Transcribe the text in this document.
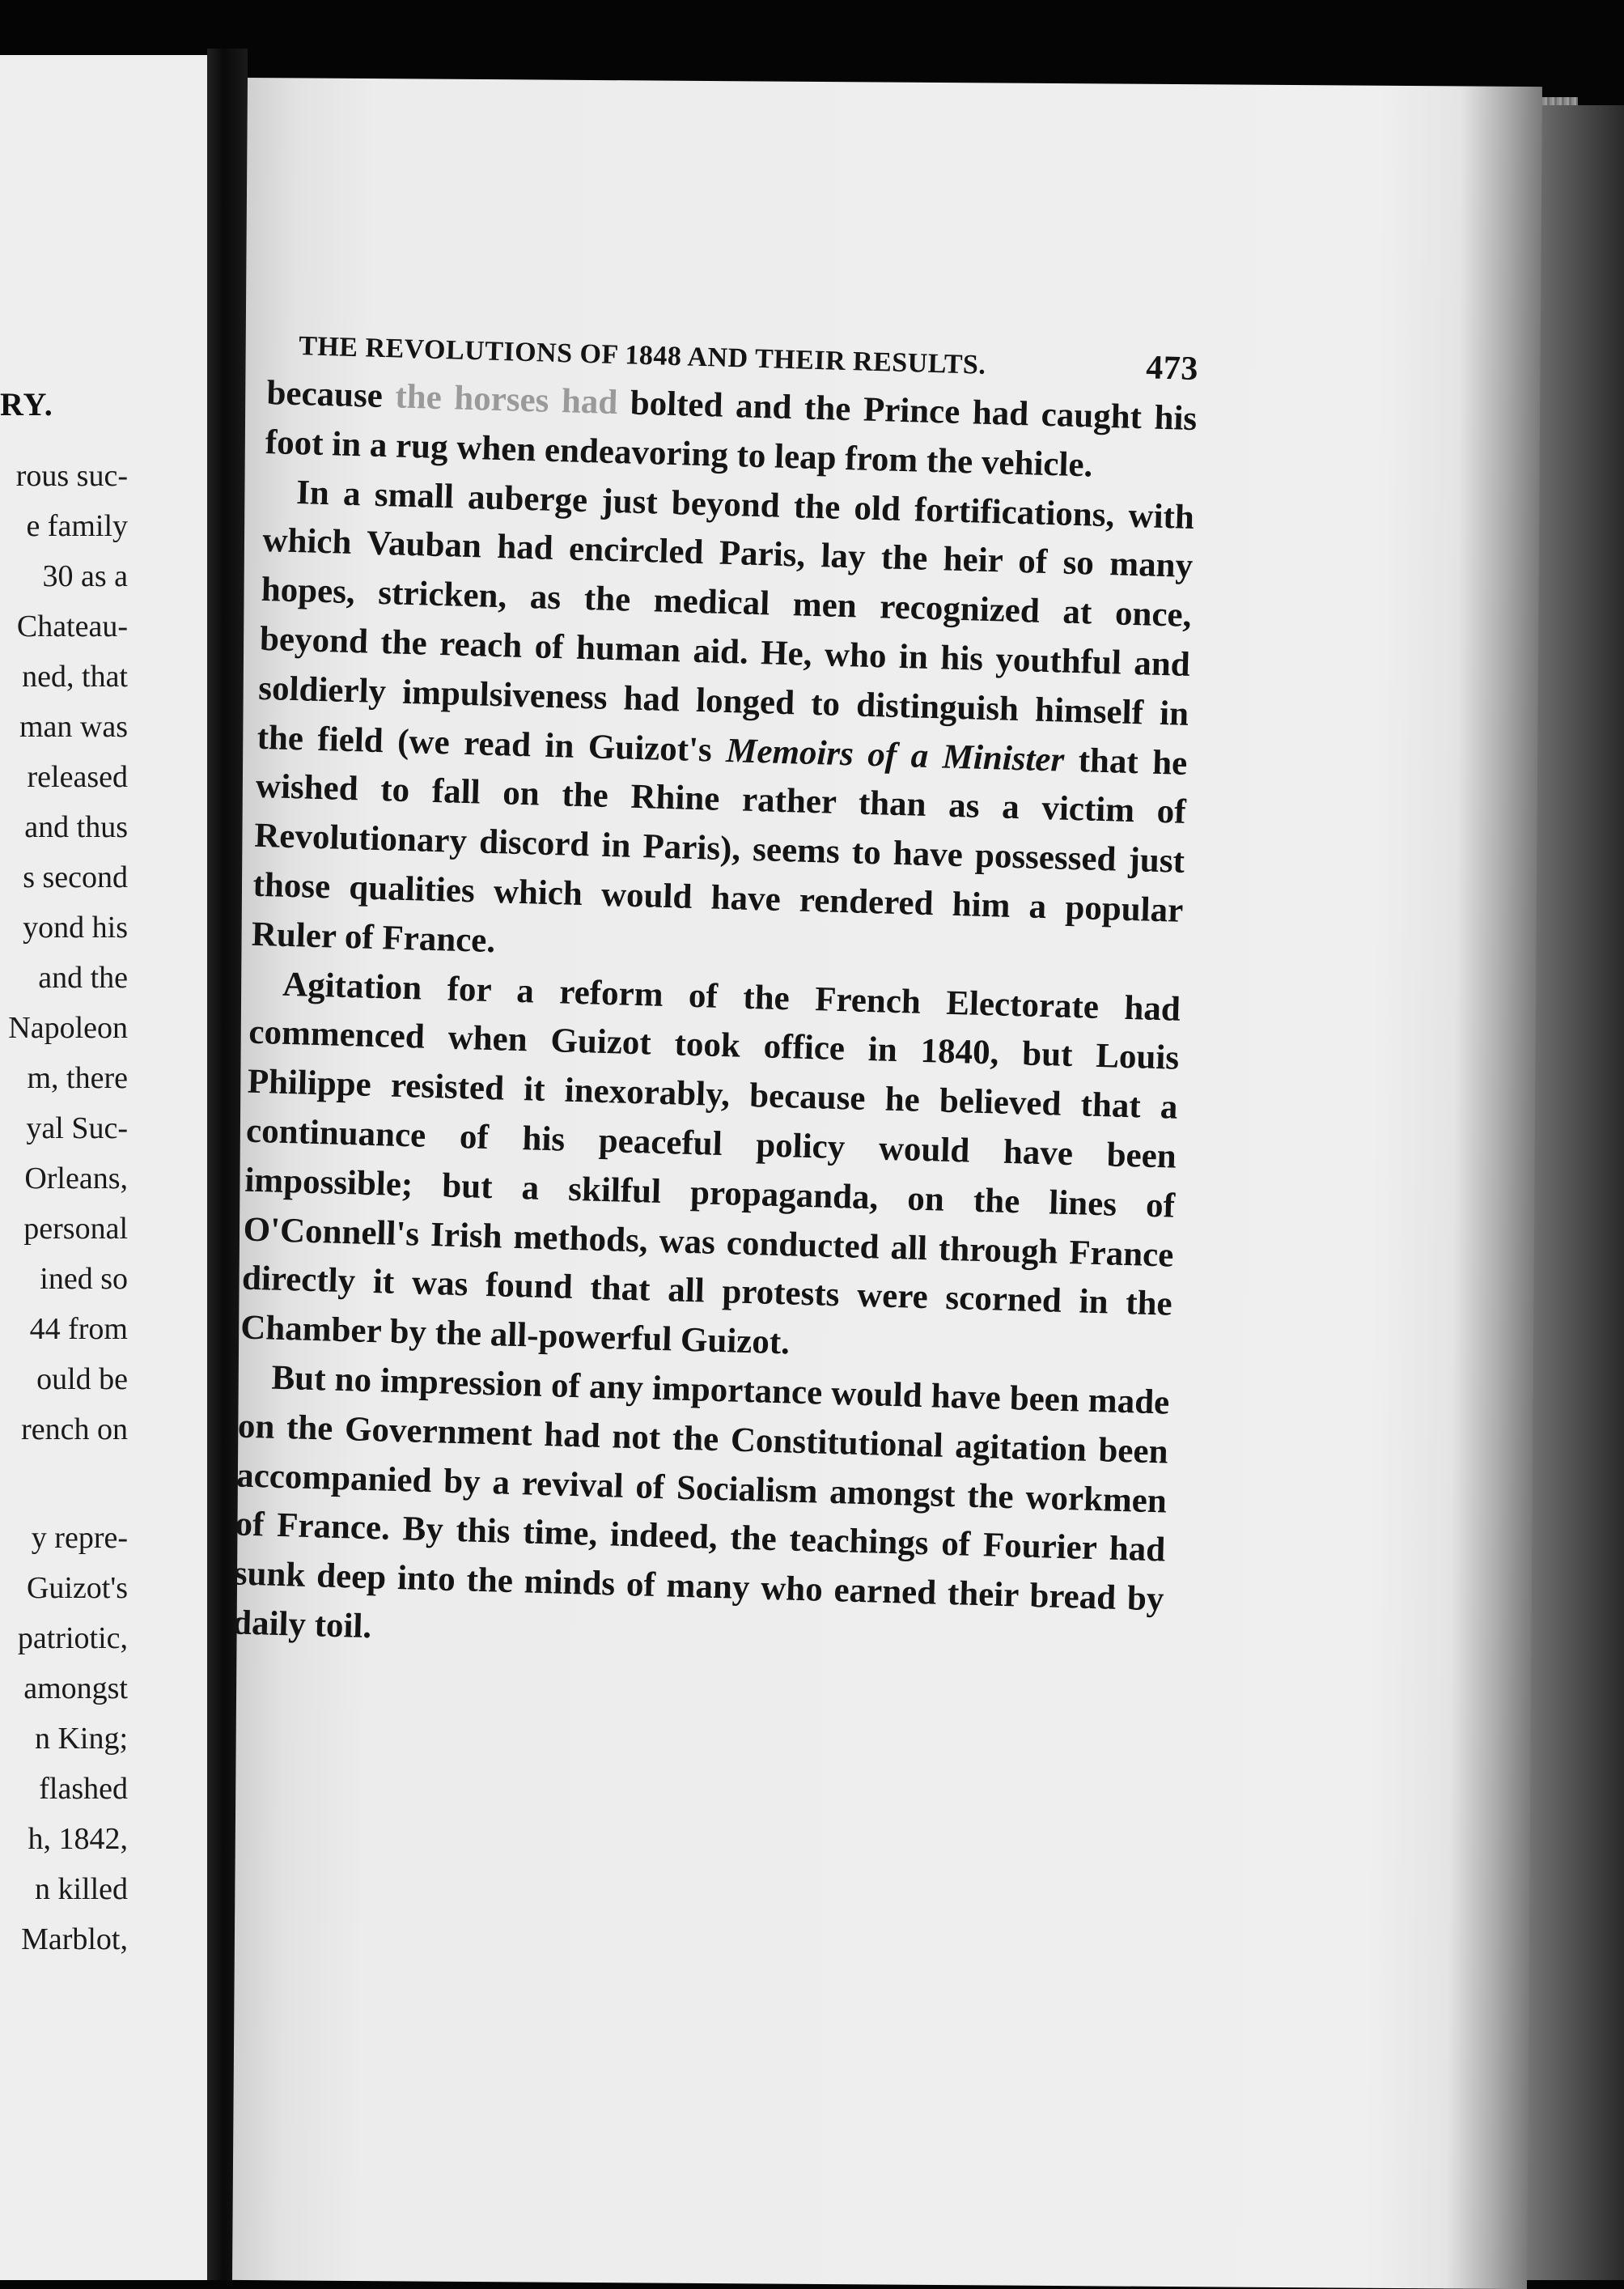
RY.
rous suc-
e family
30 as a
Chateau-
ned, that
man was
released
and thus
s second
yond his
and the
Napoleon
m, there
yal Suc-
Orleans,
personal
ined so
44 from
ould be
rench on
y repre-
Guizot's
patriotic,
amongst
n King;
flashed
h, 1842,
n killed
Marblot,
THE REVOLUTIONS OF 1848 AND THEIR RESULTS.	473

because the horses had bolted and the Prince had caught his foot in a rug when endeavoring to leap from the vehicle.

In a small auberge just beyond the old fortifications, with which Vauban had encircled Paris, lay the heir of so many hopes, stricken, as the medical men recognized at once, beyond the reach of human aid. He, who in his youthful and soldierly impulsiveness had longed to distinguish himself in the field (we read in Guizot's Memoirs of a Minister that he wished to fall on the Rhine rather than as a victim of Revolutionary discord in Paris), seems to have possessed just those qualities which would have rendered him a popular Ruler of France.

Agitation for a reform of the French Electorate had commenced when Guizot took office in 1840, but Louis Philippe resisted it inexorably, because he believed that a continuance of his peaceful policy would have been impossible; but a skilful propaganda, on the lines of O'Connell's Irish methods, was conducted all through France directly it was found that all protests were scorned in the Chamber by the all-powerful Guizot.

But no impression of any importance would have been made on the Government had not the Constitutional agitation been accompanied by a revival of Socialism amongst the workmen of France. By this time, indeed, the teachings of Fourier had sunk deep into the minds of many who earned their bread by daily toil.
